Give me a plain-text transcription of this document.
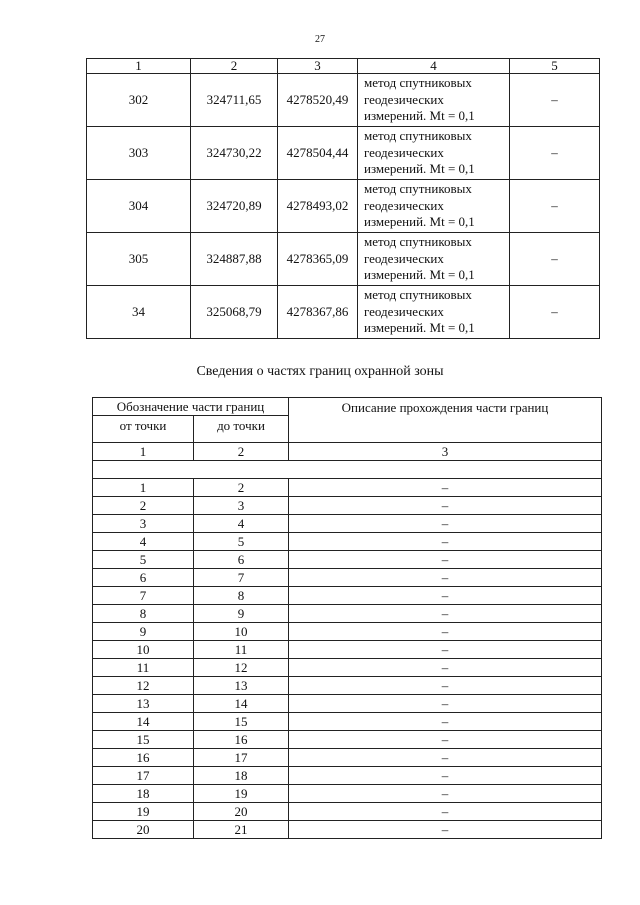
27
1	2	3	4	5
302	324711,65	4278520,49	метод спутниковых
геодезических
измерений. Mt = 0,1	–
303	324730,22	4278504,44	метод спутниковых
геодезических
измерений. Mt = 0,1	–
304	324720,89	4278493,02	метод спутниковых
геодезических
измерений. Mt = 0,1	–
305	324887,88	4278365,09	метод спутниковых
геодезических
измерений. Mt = 0,1	–
34	325068,79	4278367,86	метод спутниковых
геодезических
измерений. Mt = 0,1	–
Сведения о частях границ охранной зоны
Обозначение части границ		Описание прохождения части границ
от точки	до точки	
1	2	3

1	2	–
2	3	–
3	4	–
4	5	–
5	6	–
6	7	–
7	8	–
8	9	–
9	10	–
10	11	–
11	12	–
12	13	–
13	14	–
14	15	–
15	16	–
16	17	–
17	18	–
18	19	–
19	20	–
20	21	–
